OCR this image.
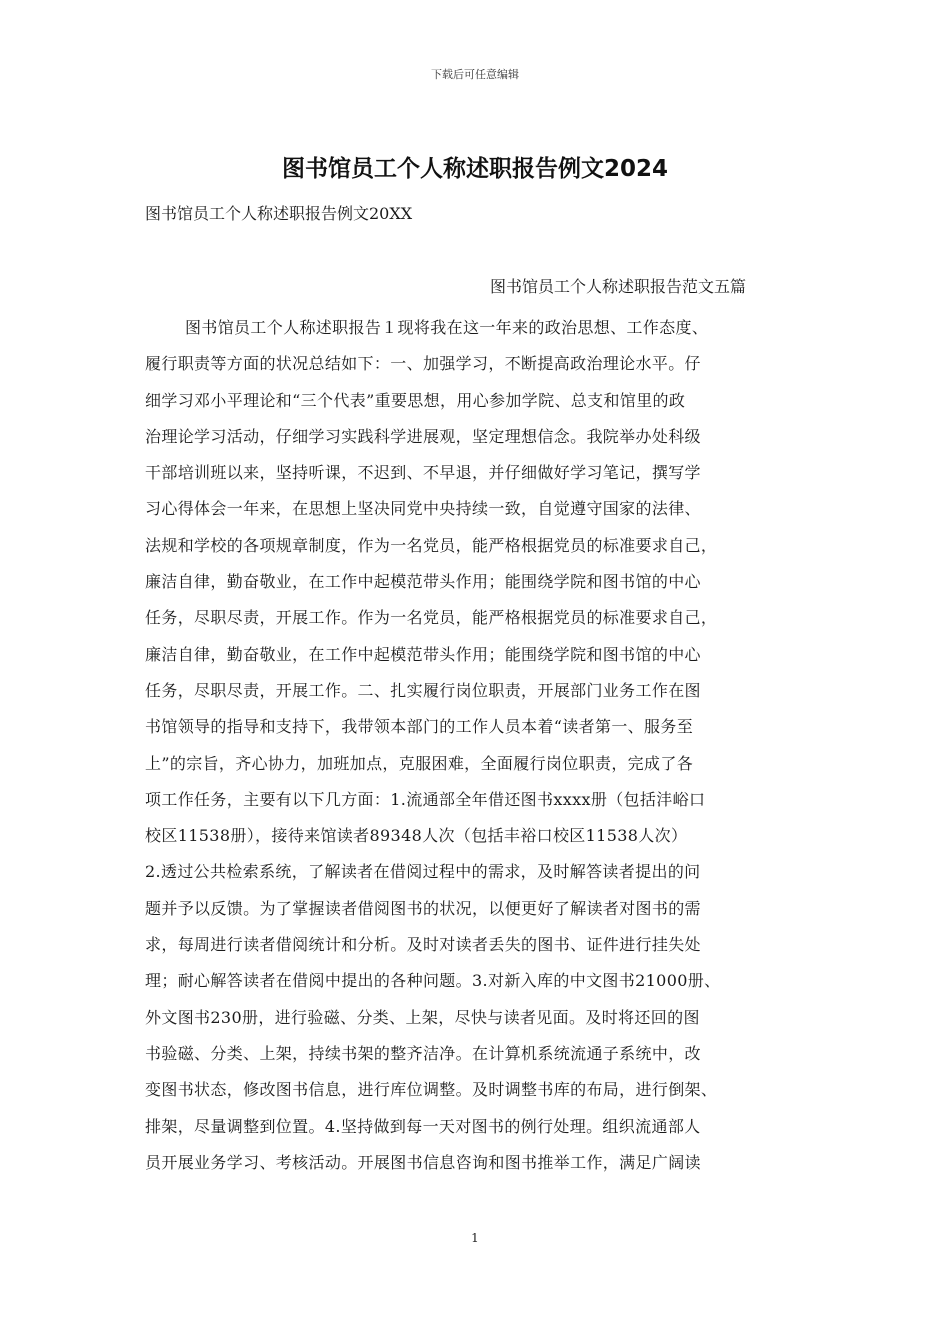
下载后可任意编辑
图书馆员工个人称述职报告例文2024
图书馆员工个人称述职报告例文20XX
图书馆员工个人称述职报告范文五篇
图书馆员工个人称述职报告１现将我在这一年来的政治思想、工作态度、
履行职责等方面的状况总结如下：一、加强学习，不断提高政治理论水平。仔
细学习邓小平理论和“三个代表”重要思想，用心参加学院、总支和馆里的政
治理论学习活动，仔细学习实践科学进展观，坚定理想信念。我院举办处科级
干部培训班以来，坚持听课，不迟到、不早退，并仔细做好学习笔记，撰写学
习心得体会一年来，在思想上坚决同党中央持续一致，自觉遵守国家的法律、
法规和学校的各项规章制度，作为一名党员，能严格根据党员的标准要求自己，
廉洁自律，勤奋敬业，在工作中起模范带头作用；能围绕学院和图书馆的中心
任务，尽职尽责，开展工作。作为一名党员，能严格根据党员的标准要求自己，
廉洁自律，勤奋敬业，在工作中起模范带头作用；能围绕学院和图书馆的中心
任务，尽职尽责，开展工作。二、扎实履行岗位职责，开展部门业务工作在图
书馆领导的指导和支持下，我带领本部门的工作人员本着“读者第一、服务至
上”的宗旨，齐心协力，加班加点，克服困难，全面履行岗位职责，完成了各
项工作任务，主要有以下几方面：1.流通部全年借还图书xxxx册（包括沣峪口
校区11538册），接待来馆读者89348人次（包括丰裕口校区11538人次）
2.透过公共检索系统，了解读者在借阅过程中的需求，及时解答读者提出的问
题并予以反馈。为了掌握读者借阅图书的状况，以便更好了解读者对图书的需
求，每周进行读者借阅统计和分析。及时对读者丢失的图书、证件进行挂失处
理；耐心解答读者在借阅中提出的各种问题。3.对新入库的中文图书21000册、
外文图书230册，进行验磁、分类、上架，尽快与读者见面。及时将还回的图
书验磁、分类、上架，持续书架的整齐洁净。在计算机系统流通子系统中，改
变图书状态，修改图书信息，进行库位调整。及时调整书库的布局，进行倒架、
排架，尽量调整到位置。4.坚持做到每一天对图书的例行处理。组织流通部人
员开展业务学习、考核活动。开展图书信息咨询和图书推举工作，满足广阔读
1
